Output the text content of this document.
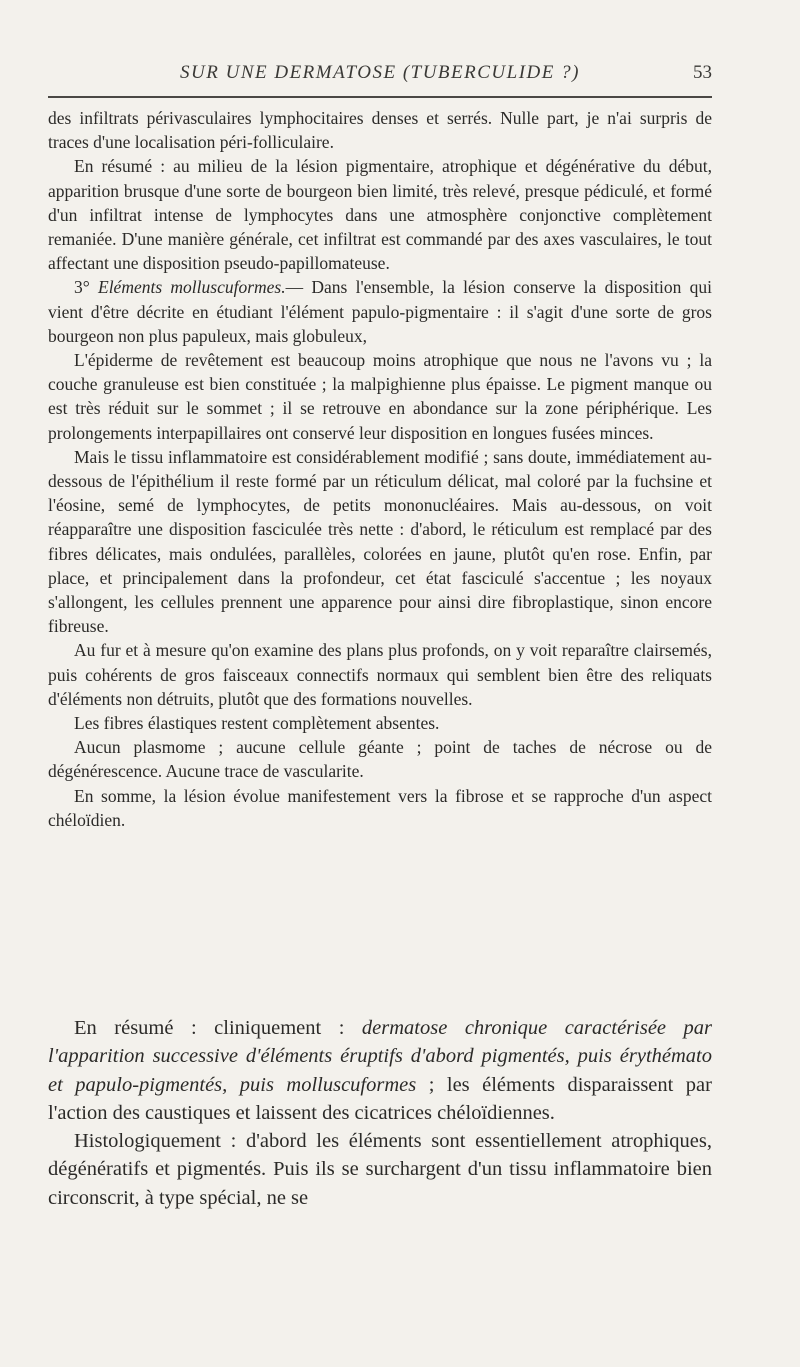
SUR UNE DERMATOSE (TUBERCULIDE ?)	53

des infiltrats périvasculaires lymphocitaires denses et serrés. Nulle part, je n'ai surpris de traces d'une localisation péri-folliculaire.

En résumé : au milieu de la lésion pigmentaire, atrophique et dégénérative du début, apparition brusque d'une sorte de bourgeon bien limité, très relevé, presque pédiculé, et formé d'un infiltrat intense de lymphocytes dans une atmosphère conjonctive complètement remaniée. D'une manière générale, cet infiltrat est commandé par des axes vasculaires, le tout affectant une disposition pseudo-papillomateuse.

3° Eléments molluscuformes.— Dans l'ensemble, la lésion conserve la disposition qui vient d'être décrite en étudiant l'élément papulo-pigmentaire : il s'agit d'une sorte de gros bourgeon non plus papuleux, mais globuleux,

L'épiderme de revêtement est beaucoup moins atrophique que nous ne l'avons vu ; la couche granuleuse est bien constituée ; la malpighienne plus épaisse. Le pigment manque ou est très réduit sur le sommet ; il se retrouve en abondance sur la zone périphérique. Les prolongements interpapillaires ont conservé leur disposition en longues fusées minces.

Mais le tissu inflammatoire est considérablement modifié ; sans doute, immédiatement au-dessous de l'épithélium il reste formé par un réticulum délicat, mal coloré par la fuchsine et l'éosine, semé de lymphocytes, de petits mononucléaires. Mais au-dessous, on voit réapparaître une disposition fasciculée très nette : d'abord, le réticulum est remplacé par des fibres délicates, mais ondulées, parallèles, colorées en jaune, plutôt qu'en rose. Enfin, par place, et principalement dans la profondeur, cet état fasciculé s'accentue ; les noyaux s'allongent, les cellules prennent une apparence pour ainsi dire fibroplastique, sinon encore fibreuse.

Au fur et à mesure qu'on examine des plans plus profonds, on y voit reparaître clairsemés, puis cohérents de gros faisceaux connectifs normaux qui semblent bien être des reliquats d'éléments non détruits, plutôt que des formations nouvelles.

Les fibres élastiques restent complètement absentes.

Aucun plasmome ; aucune cellule géante ; point de taches de nécrose ou de dégénérescence. Aucune trace de vascularite.

En somme, la lésion évolue manifestement vers la fibrose et se rapproche d'un aspect chéloïdien.

En résumé : cliniquement : dermatose chronique caractérisée par l'apparition successive d'éléments éruptifs d'abord pigmentés, puis érythémato et papulo-pigmentés, puis molluscuformes ; les éléments disparaissent par l'action des caustiques et laissent des cicatrices chéloïdiennes.

Histologiquement : d'abord les éléments sont essentiellement atrophiques, dégénératifs et pigmentés. Puis ils se surchargent d'un tissu inflammatoire bien circonscrit, à type spécial, ne se
